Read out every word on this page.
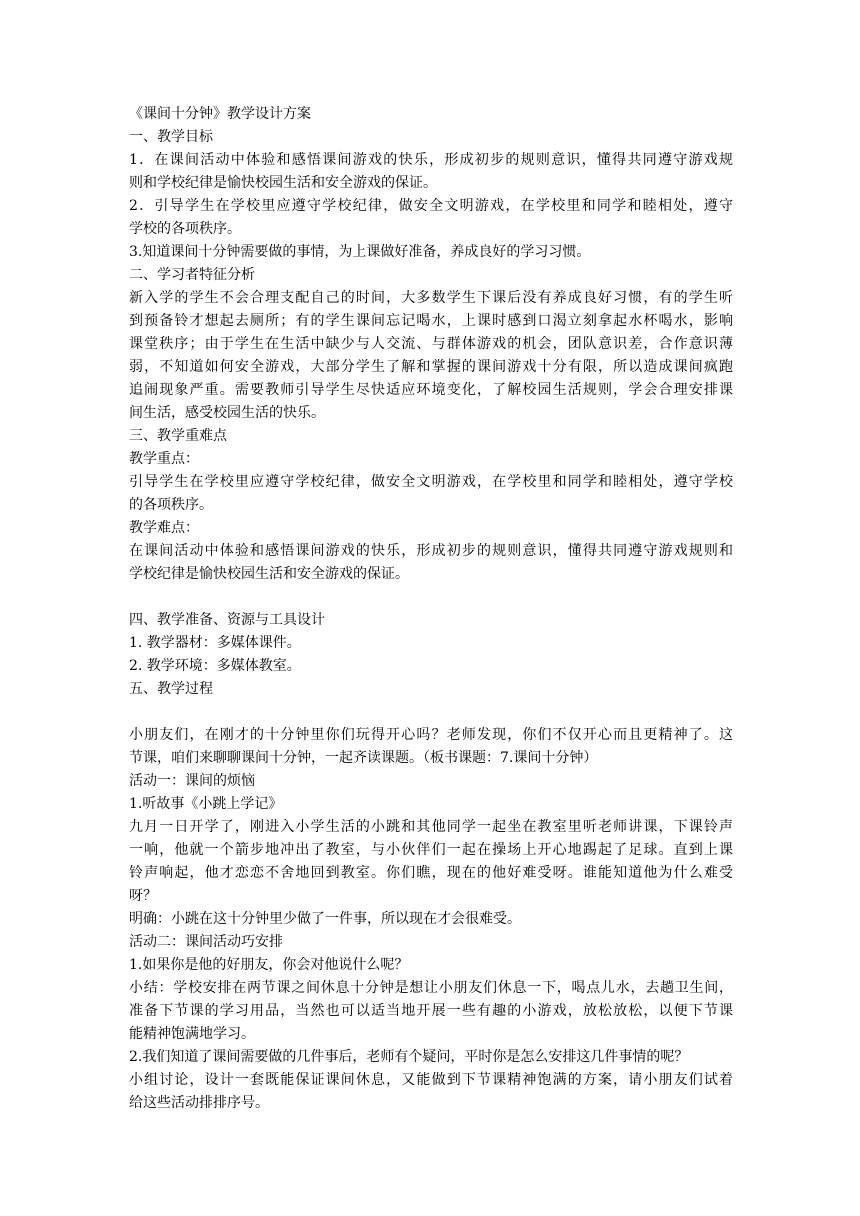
《课间十分钟》教学设计方案
一、教学目标
1．在课间活动中体验和感悟课间游戏的快乐，形成初步的规则意识，懂得共同遵守游戏规
则和学校纪律是愉快校园生活和安全游戏的保证。
2．引导学生在学校里应遵守学校纪律，做安全文明游戏，在学校里和同学和睦相处，遵守
学校的各项秩序。
3.知道课间十分钟需要做的事情，为上课做好准备，养成良好的学习习惯。
二、学习者特征分析
新入学的学生不会合理支配自己的时间，大多数学生下课后没有养成良好习惯，有的学生听
到预备铃才想起去厕所；有的学生课间忘记喝水，上课时感到口渴立刻拿起水杯喝水，影响
课堂秩序；由于学生在生活中缺少与人交流、与群体游戏的机会，团队意识差，合作意识薄
弱，不知道如何安全游戏，大部分学生了解和掌握的课间游戏十分有限，所以造成课间疯跑
追闹现象严重。需要教师引导学生尽快适应环境变化，了解校园生活规则，学会合理安排课
间生活，感受校园生活的快乐。
三、教学重难点
教学重点：
引导学生在学校里应遵守学校纪律，做安全文明游戏，在学校里和同学和睦相处，遵守学校
的各项秩序。
教学难点：
在课间活动中体验和感悟课间游戏的快乐，形成初步的规则意识，懂得共同遵守游戏规则和
学校纪律是愉快校园生活和安全游戏的保证。
四、教学准备、资源与工具设计
1. 教学器材：多媒体课件。
2. 教学环境：多媒体教室。
五、教学过程
小朋友们，在刚才的十分钟里你们玩得开心吗？老师发现，你们不仅开心而且更精神了。这
节课，咱们来聊聊课间十分钟，一起齐读课题。（板书课题：7.课间十分钟）
活动一：课间的烦恼
1.听故事《小跳上学记》
九月一日开学了，刚进入小学生活的小跳和其他同学一起坐在教室里听老师讲课，下课铃声
一响，他就一个箭步地冲出了教室，与小伙伴们一起在操场上开心地踢起了足球。直到上课
铃声响起，他才恋恋不舍地回到教室。你们瞧，现在的他好难受呀。谁能知道他为什么难受
呀？
明确：小跳在这十分钟里少做了一件事，所以现在才会很难受。
活动二：课间活动巧安排
1.如果你是他的好朋友，你会对他说什么呢？
小结：学校安排在两节课之间休息十分钟是想让小朋友们休息一下，喝点儿水，去趟卫生间，
准备下节课的学习用品，当然也可以适当地开展一些有趣的小游戏，放松放松，以便下节课
能精神饱满地学习。
2.我们知道了课间需要做的几件事后，老师有个疑问，平时你是怎么安排这几件事情的呢？
小组讨论，设计一套既能保证课间休息，又能做到下节课精神饱满的方案，请小朋友们试着
给这些活动排排序号。
